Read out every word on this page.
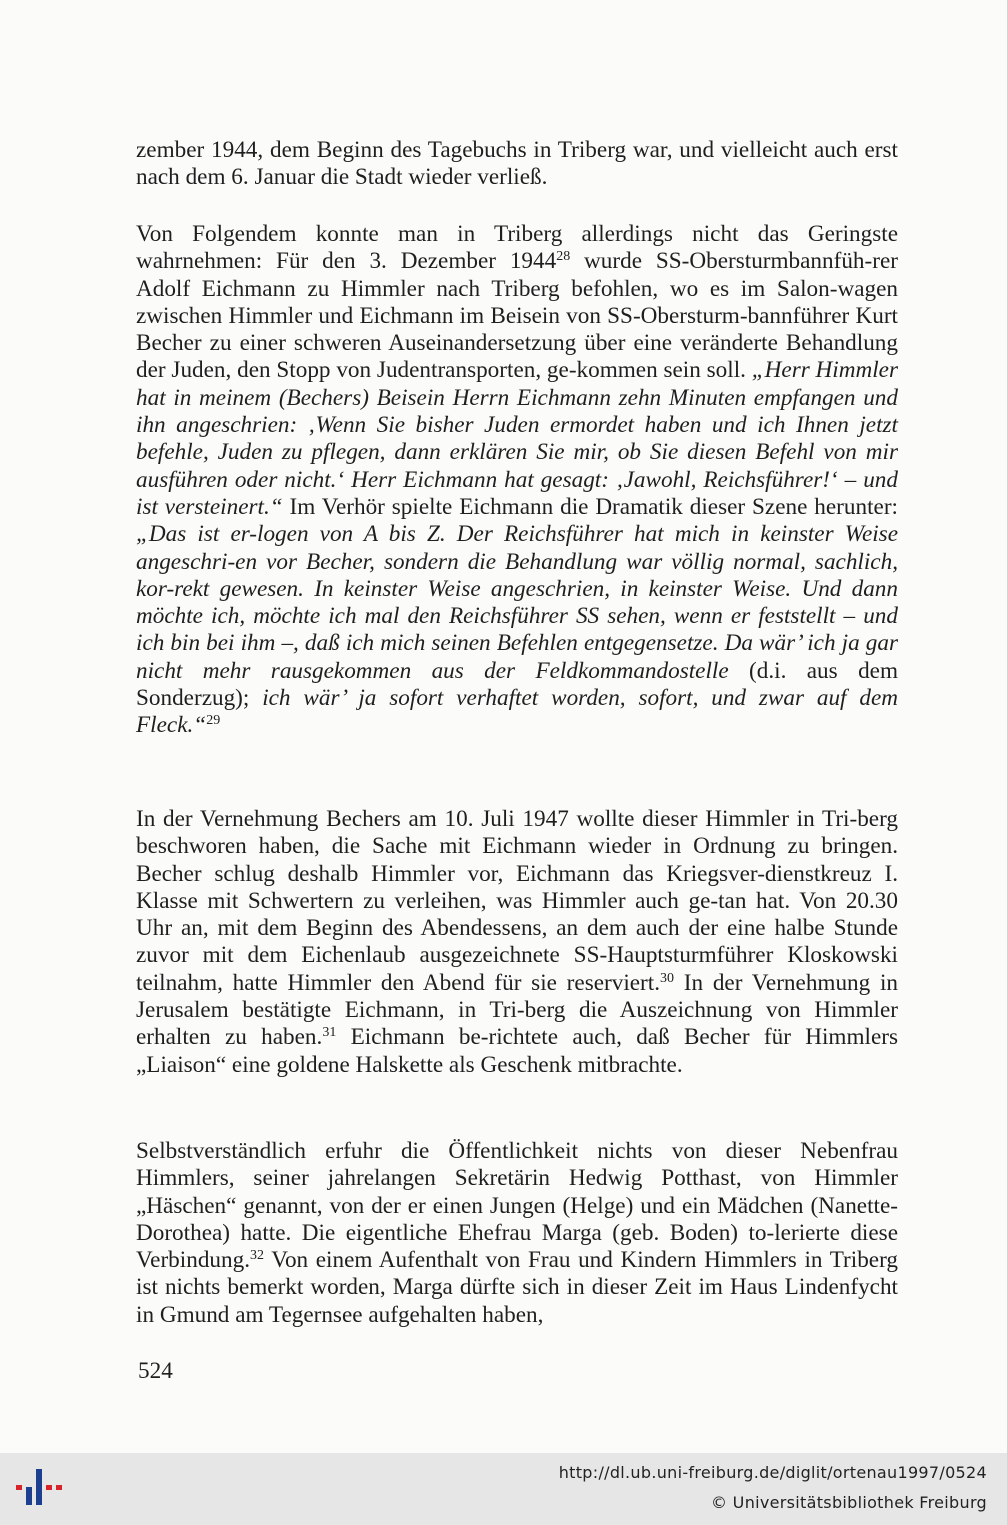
zember 1944, dem Beginn des Tagebuchs in Triberg war, und vielleicht auch erst nach dem 6. Januar die Stadt wieder verließ.

Von Folgendem konnte man in Triberg allerdings nicht das Geringste wahrnehmen: Für den 3. Dezember 1944$^{28}$ wurde SS-Obersturmbannfüh-rer Adolf Eichmann zu Himmler nach Triberg befohlen, wo es im Salon-wagen zwischen Himmler und Eichmann im Beisein von SS-Obersturm-bannführer Kurt Becher zu einer schweren Auseinandersetzung über eine veränderte Behandlung der Juden, den Stopp von Judentransporten, ge-kommen sein soll. „Herr Himmler hat in meinem (Bechers) Beisein Herrn Eichmann zehn Minuten empfangen und ihn angeschrien: ‚Wenn Sie bisher Juden ermordet haben und ich Ihnen jetzt befehle, Juden zu pflegen, dann erklären Sie mir, ob Sie diesen Befehl von mir ausführen oder nicht.‘ Herr Eichmann hat gesagt: ‚Jawohl, Reichsführer!‘ – und ist versteinert.“ Im Verhör spielte Eichmann die Dramatik dieser Szene herunter: „Das ist er-logen von A bis Z. Der Reichsführer hat mich in keinster Weise angeschri-en vor Becher, sondern die Behandlung war völlig normal, sachlich, kor-rekt gewesen. In keinster Weise angeschrien, in keinster Weise. Und dann möchte ich, möchte ich mal den Reichsführer SS sehen, wenn er feststellt – und ich bin bei ihm –, daß ich mich seinen Befehlen entgegensetze. Da wär’ ich ja gar nicht mehr rausgekommen aus der Feldkommandostelle (d.i. aus dem Sonderzug); ich wär’ ja sofort verhaftet worden, sofort, und zwar auf dem Fleck.“$^{29}$

In der Vernehmung Bechers am 10. Juli 1947 wollte dieser Himmler in Tri-berg beschworen haben, die Sache mit Eichmann wieder in Ordnung zu bringen. Becher schlug deshalb Himmler vor, Eichmann das Kriegsver-dienstkreuz I. Klasse mit Schwertern zu verleihen, was Himmler auch ge-tan hat. Von 20.30 Uhr an, mit dem Beginn des Abendessens, an dem auch der eine halbe Stunde zuvor mit dem Eichenlaub ausgezeichnete SS-Hauptsturmführer Kloskowski teilnahm, hatte Himmler den Abend für sie reserviert.$^{30}$ In der Vernehmung in Jerusalem bestätigte Eichmann, in Tri-berg die Auszeichnung von Himmler erhalten zu haben.$^{31}$ Eichmann be-richtete auch, daß Becher für Himmlers „Liaison“ eine goldene Halskette als Geschenk mitbrachte.

Selbstverständlich erfuhr die Öffentlichkeit nichts von dieser Nebenfrau Himmlers, seiner jahrelangen Sekretärin Hedwig Potthast, von Himmler „Häschen“ genannt, von der er einen Jungen (Helge) und ein Mädchen (Nanette-Dorothea) hatte. Die eigentliche Ehefrau Marga (geb. Boden) to-lerierte diese Verbindung.$^{32}$ Von einem Aufenthalt von Frau und Kindern Himmlers in Triberg ist nichts bemerkt worden, Marga dürfte sich in dieser Zeit im Haus Lindenfycht in Gmund am Tegernsee aufgehalten haben,

524
http://dl.ub.uni-freiburg.de/diglit/ortenau1997/0524
© Universitätsbibliothek Freiburg
